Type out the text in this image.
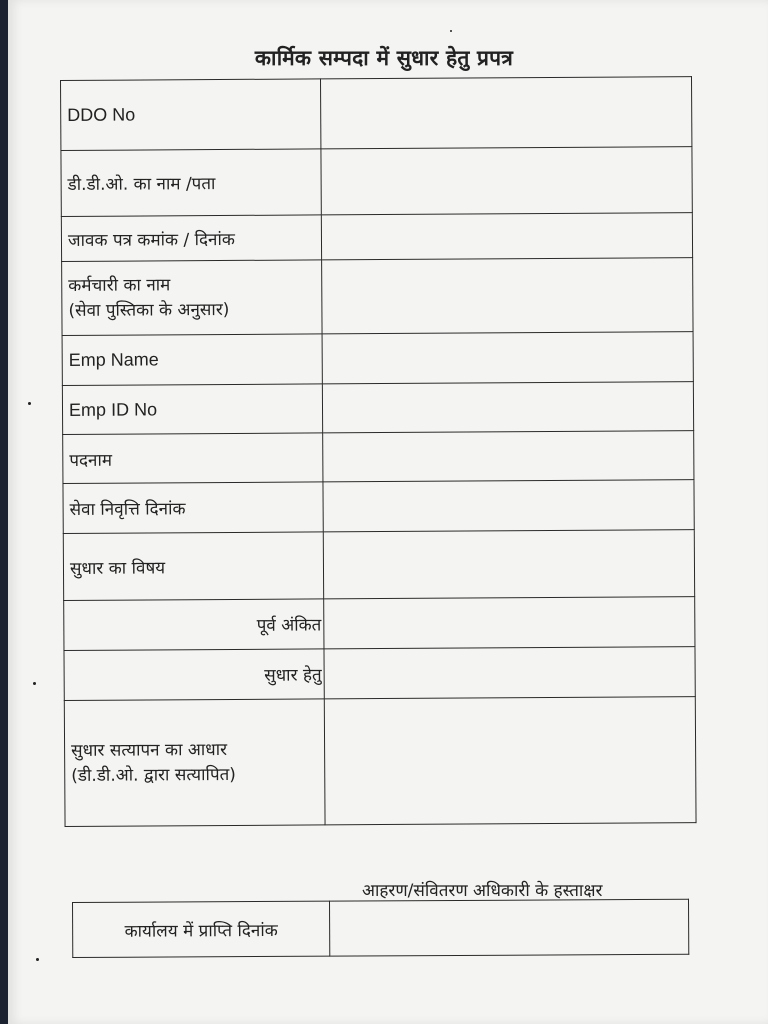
कार्मिक सम्पदा में सुधार हेतु प्रपत्र
DDO No	
डी.डी.ओ. का नाम /पता	
जावक पत्र कमांक / दिनांक	

कर्मचारी का नाम
(सेवा पुस्तिका के अनुसार)	

Emp Name	
Emp ID No	
पदनाम	
सेवा निवृत्ति दिनांक	
सुधार का विषय	
पूर्व अंकित	
सुधार हेतु	

सुधार सत्यापन का आधार
(डी.डी.ओ. द्वारा सत्यापित)	

आहरण/संवितरण अधिकारी के हस्ताक्षर
कार्यालय में प्राप्ति दिनांक	
